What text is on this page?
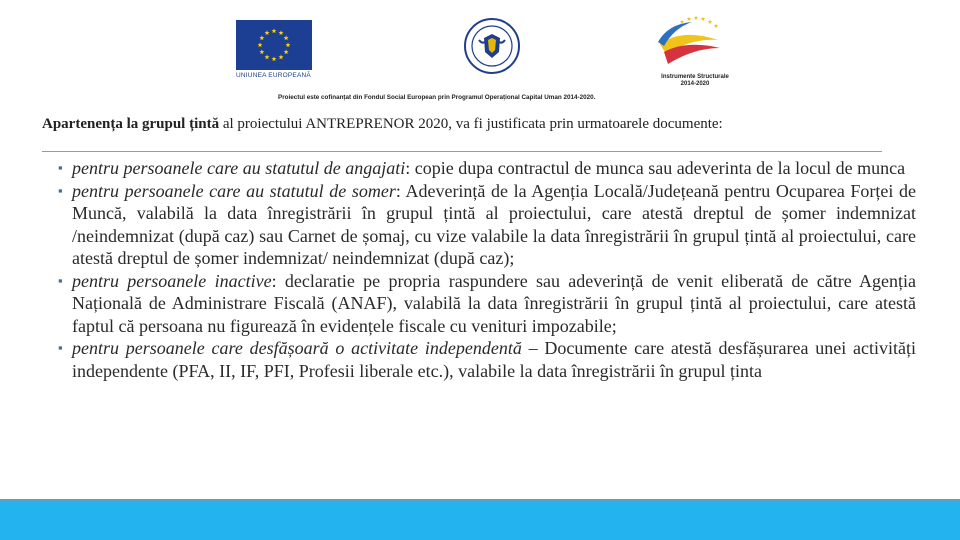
UNIUNEA EUROPEANĂ	Instrumente Structurale
2014-2020
Proiectul este cofinanțat din Fondul Social European prin Programul Operațional Capital Uman 2014-2020.
Apartenența la grupul țintă al proiectului ANTREPRENOR 2020, va fi justificata prin urmatoarele documente:
▪ pentru persoanele care au statutul de angajati: copie dupa contractul de munca sau adeverinta de la locul de munca
▪ pentru persoanele care au statutul de somer: Adeverință de la Agenția Locală/Județeană pentru Ocuparea Forței de Muncă, valabilă la data înregistrării în grupul țintă al proiectului, care atestă dreptul de șomer indemnizat /neindemnizat (după caz) sau Carnet de șomaj, cu vize valabile la data înregistrării în grupul țintă al proiectului, care atestă dreptul de șomer indemnizat/ neindemnizat (după caz);
▪ pentru persoanele inactive: declaratie pe propria raspundere sau adeverință de venit eliberată de către Agenția Națională de Administrare Fiscală (ANAF), valabilă la data înregistrării în grupul țintă al proiectului, care atestă faptul că persoana nu figurează în evidențele fiscale cu venituri impozabile;
▪ pentru persoanele care desfășoară o activitate independentă – Documente care atestă desfășurarea unei activități independente (PFA, II, IF, PFI, Profesii liberale etc.), valabile la data înregistrării în grupul ținta
